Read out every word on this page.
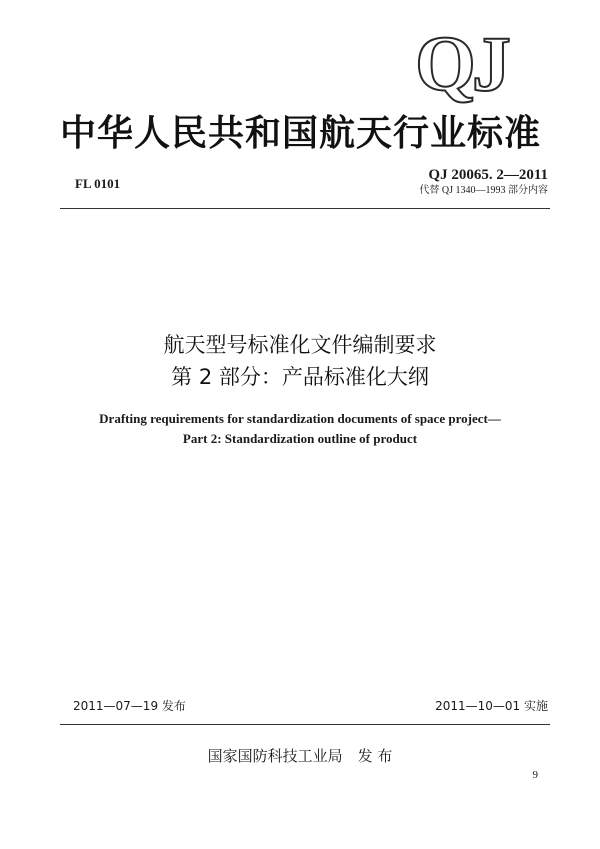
QJ
中华人民共和国航天行业标准
FL 0101
QJ 20065. 2—2011
代替 QJ 1340—1993 部分内容
航天型号标准化文件编制要求
第 2 部分：产品标准化大纲
Drafting requirements for standardization documents of space project—
Part 2: Standardization outline of product
2011—07—19 发布	2011—10—01 实施
国家国防科技工业局　发 布
9
